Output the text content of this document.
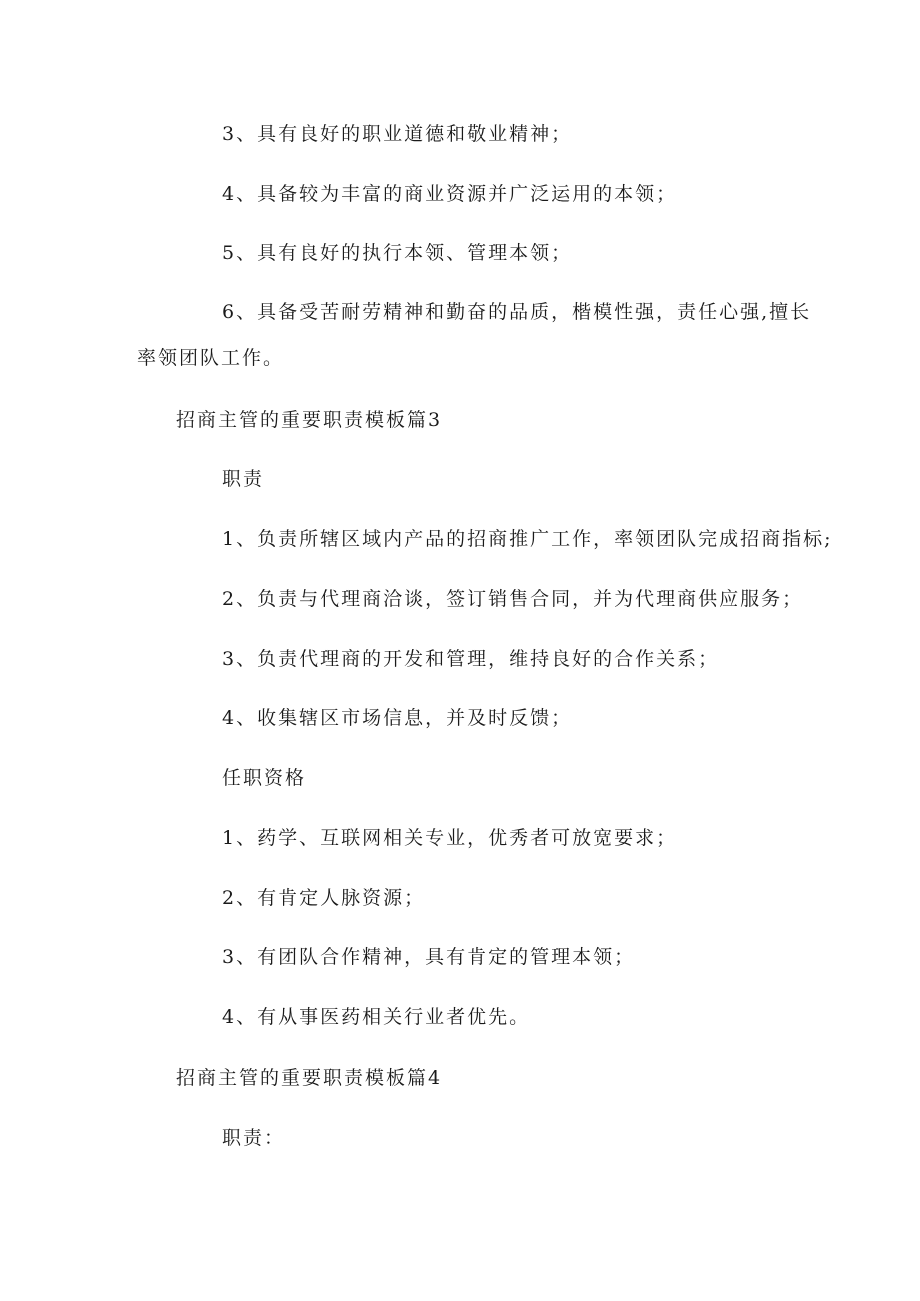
3、具有良好的职业道德和敬业精神；

4、具备较为丰富的商业资源并广泛运用的本领；

5、具有良好的执行本领、管理本领；

6、具备受苦耐劳精神和勤奋的品质，楷模性强，责任心强,擅长

率领团队工作。

招商主管的重要职责模板篇3

职责

1、负责所辖区域内产品的招商推广工作，率领团队完成招商指标;

2、负责与代理商洽谈，签订销售合同，并为代理商供应服务；

3、负责代理商的开发和管理，维持良好的合作关系；

4、收集辖区市场信息，并及时反馈；

任职资格

1、药学、互联网相关专业，优秀者可放宽要求；

2、有肯定人脉资源；

3、有团队合作精神，具有肯定的管理本领；

4、有从事医药相关行业者优先。

招商主管的重要职责模板篇4

职责：
